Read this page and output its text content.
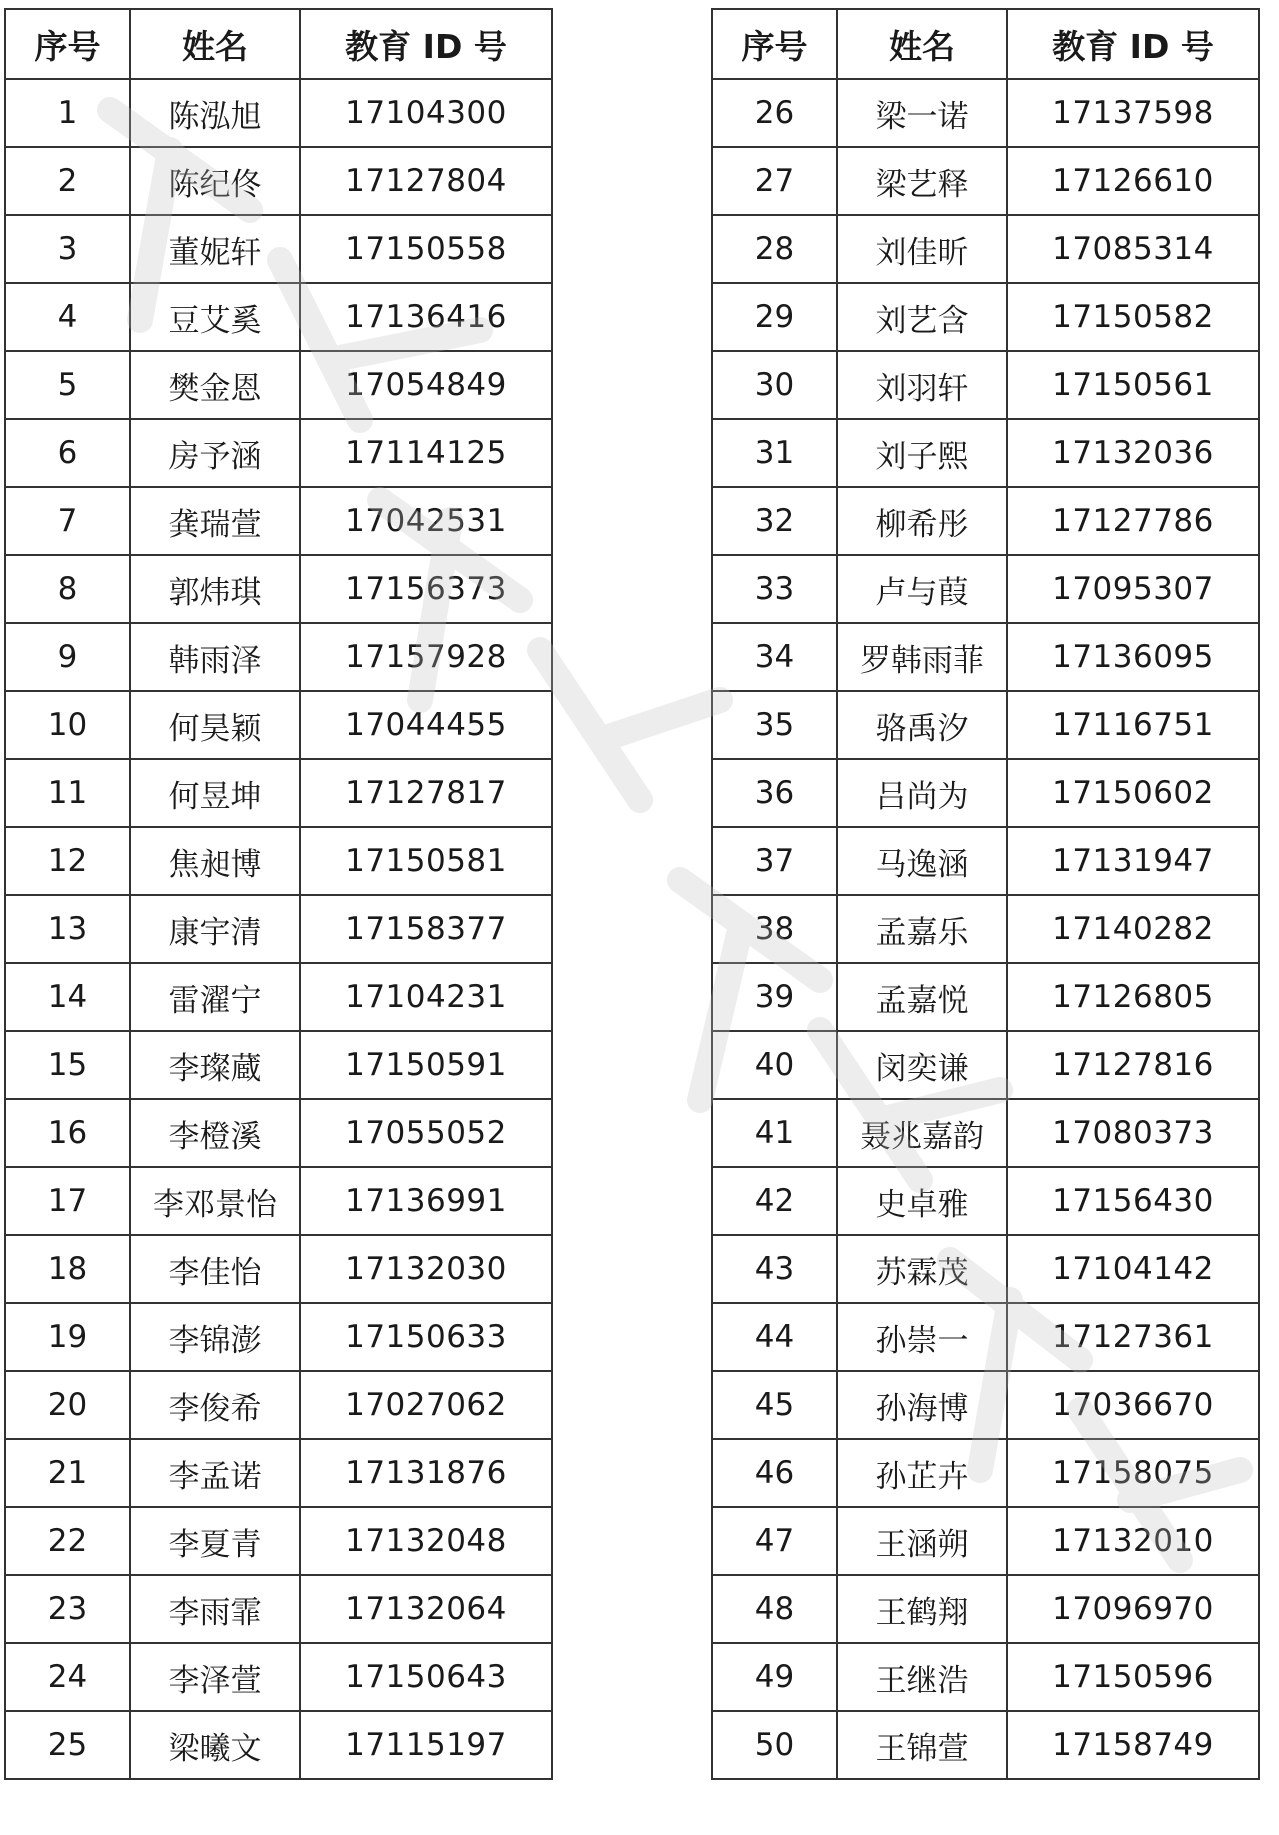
序号	姓名	教育 ID 号
1	陈泓旭	17104300
2	陈纪佟	17127804
3	董妮轩	17150558
4	豆艾奚	17136416
5	樊金恩	17054849
6	房予涵	17114125
7	龚瑞萱	17042531
8	郭炜琪	17156373
9	韩雨泽	17157928
10	何昊颖	17044455
11	何昱坤	17127817
12	焦昶博	17150581
13	康宇清	17158377
14	雷濯宁	17104231
15	李璨蔵	17150591
16	李橙溪	17055052
17	李邓景怡	17136991
18	李佳怡	17132030
19	李锦澎	17150633
20	李俊希	17027062
21	李孟诺	17131876
22	李夏青	17132048
23	李雨霏	17132064
24	李泽萱	17150643
25	梁曦文	17115197
序号	姓名	教育 ID 号
26	梁一诺	17137598
27	梁艺释	17126610
28	刘佳昕	17085314
29	刘艺含	17150582
30	刘羽轩	17150561
31	刘子熙	17132036
32	柳希彤	17127786
33	卢与葭	17095307
34	罗韩雨菲	17136095
35	骆禹汐	17116751
36	吕尚为	17150602
37	马逸涵	17131947
38	孟嘉乐	17140282
39	孟嘉悦	17126805
40	闵奕谦	17127816
41	聂兆嘉韵	17080373
42	史卓雅	17156430
43	苏霖茂	17104142
44	孙崇一	17127361
45	孙海博	17036670
46	孙芷卉	17158075
47	王涵朔	17132010
48	王鹤翔	17096970
49	王继浩	17150596
50	王锦萱	17158749
